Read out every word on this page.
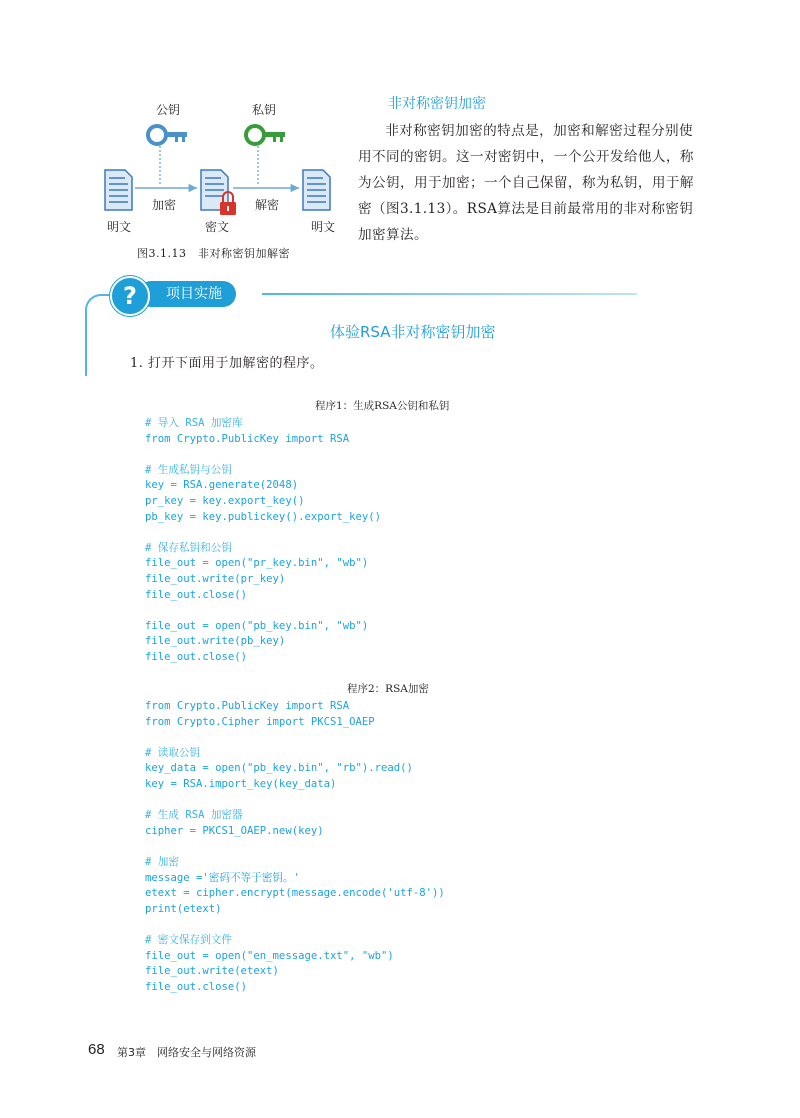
公钥	私钥
加密	解密
明文	密文	明文
图3.1.13　非对称密钥加解密
非对称密钥加密
非对称密钥加密的特点是，加密和解密过程分别使用不同的密钥。这一对密钥中，一个公开发给他人，称为公钥，用于加密；一个自己保留，称为私钥，用于解密（图3.1.13）。RSA算法是目前最常用的非对称密钥加密算法。
项目实施
?
体验RSA非对称密钥加密
1. 打开下面用于加解密的程序。
程序1：生成RSA公钥和私钥
# 导入 RSA 加密库
from Crypto.PublicKey import RSA

# 生成私钥与公钥
key = RSA.generate(2048)
pr_key = key.export_key()
pb_key = key.publickey().export_key()

# 保存私钥和公钥
file_out = open("pr_key.bin", "wb")
file_out.write(pr_key)
file_out.close()

file_out = open("pb_key.bin", "wb")
file_out.write(pb_key)
file_out.close()
程序2：RSA加密
from Crypto.PublicKey import RSA
from Crypto.Cipher import PKCS1_OAEP

# 读取公钥
key_data = open("pb_key.bin", "rb").read()
key = RSA.import_key(key_data)

# 生成 RSA 加密器
cipher = PKCS1_OAEP.new(key)

# 加密
message ='密码不等于密钥。'
etext = cipher.encrypt(message.encode('utf-8'))
print(etext)

# 密文保存到文件
file_out = open("en_message.txt", "wb")
file_out.write(etext)
file_out.close()
68 第3章　网络安全与网络资源
